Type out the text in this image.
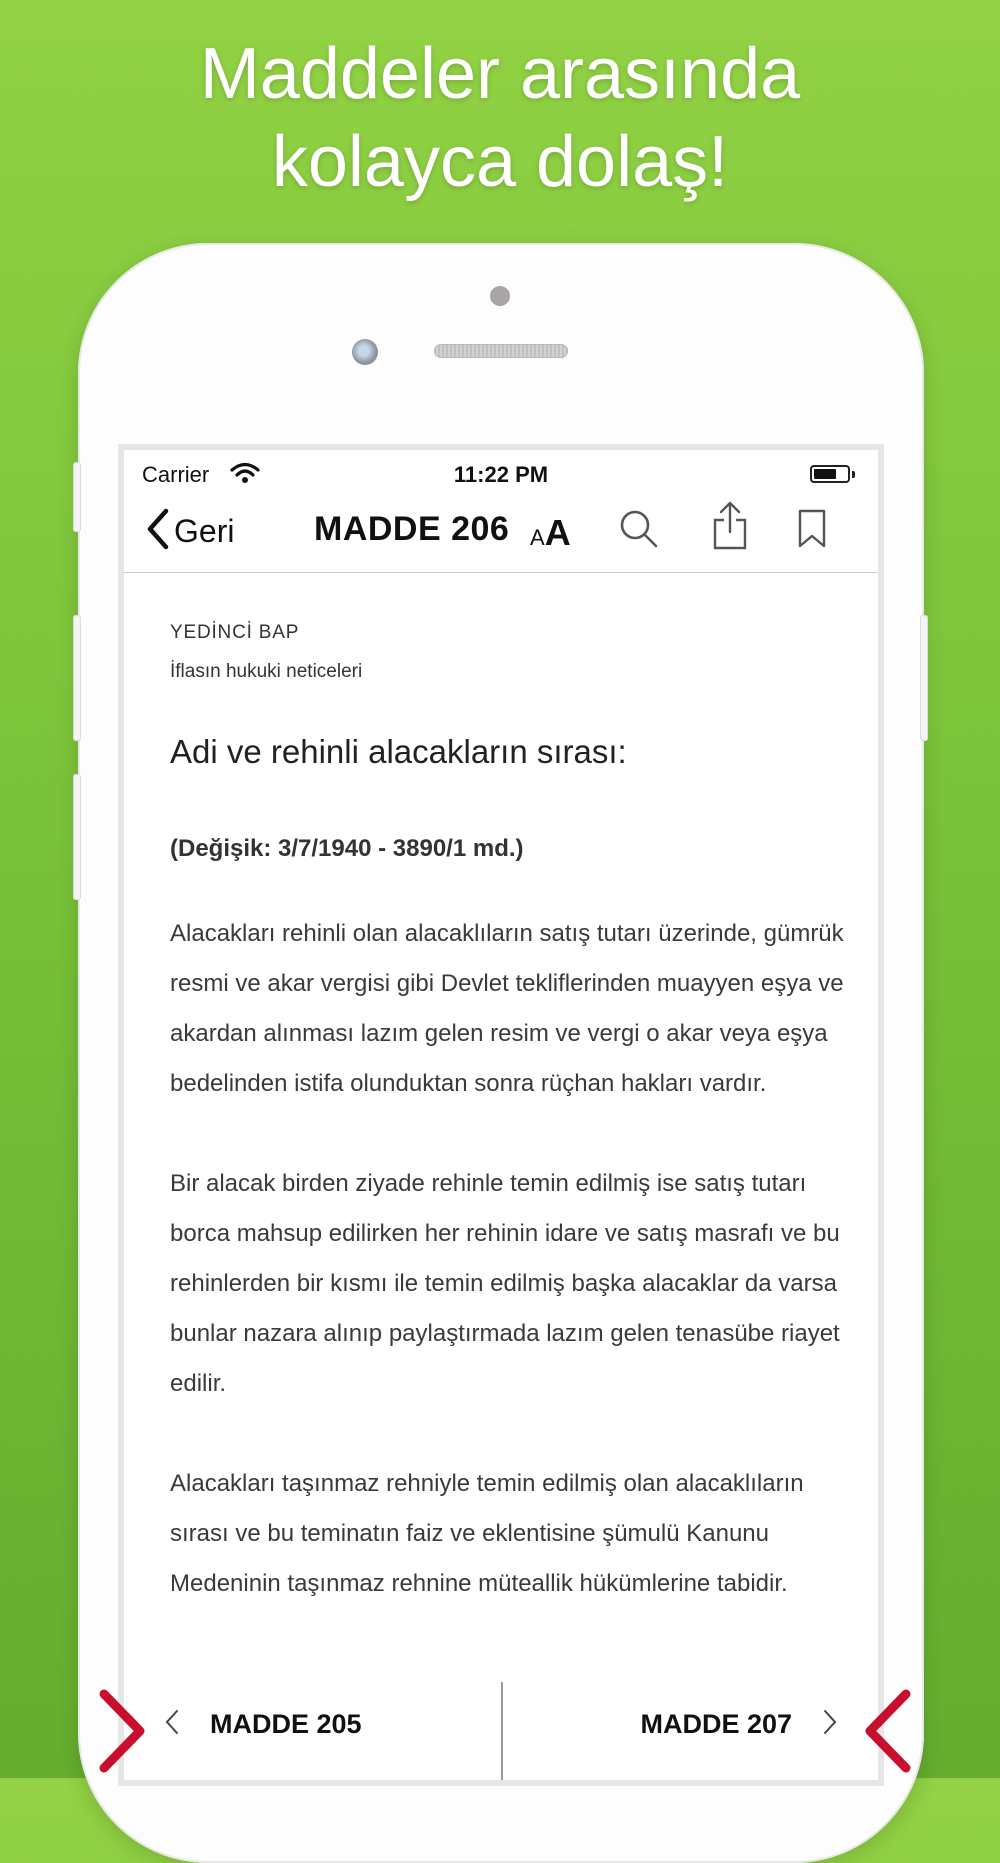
Maddeler arasında
kolayca dolaş!
Carrier	11:22 PM
Geri MADDE 206 AA
YEDİNCİ BAP
İflasın hukuki neticeleri
Adi ve rehinli alacakların sırası:
(Değişik: 3/7/1940 - 3890/1 md.)
Alacakları rehinli olan alacaklıların satış tutarı üzerinde, gümrük resmi ve akar vergisi gibi Devlet tekliflerinden muayyen eşya ve akardan alınması lazım gelen resim ve vergi o akar veya eşya bedelinden istifa olunduktan sonra rüçhan hakları vardır.
Bir alacak birden ziyade rehinle temin edilmiş ise satış tutarı borca mahsup edilirken her rehinin idare ve satış masrafı ve bu rehinlerden bir kısmı ile temin edilmiş başka alacaklar da varsa bunlar nazara alınıp paylaştırmada lazım gelen tenasübe riayet edilir.
Alacakları taşınmaz rehniyle temin edilmiş olan alacaklıların sırası ve bu teminatın faiz ve eklentisine şümulü Kanunu Medeninin taşınmaz rehnine müteallik hükümlerine tabidir.
MADDE 205	MADDE 207
